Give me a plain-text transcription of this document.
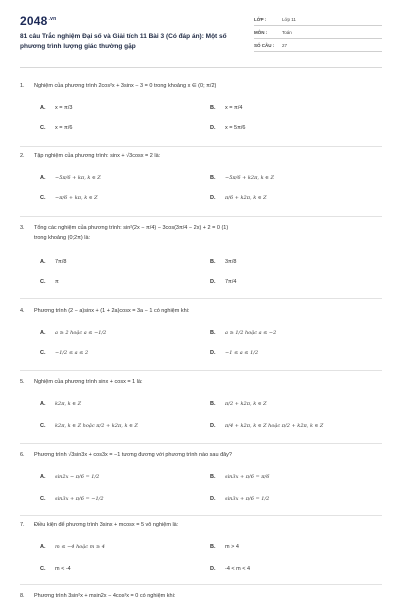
$2048^{.vn}$
81 câu Trắc nghiệm Đại số và Giải tích 11 Bài 3 (Có đáp án): Một số phương trình lượng giác thường gặp
LỚP :	Lớp 11
MÔN :	Toán
SỐ CÂU : 27
1. Nghiệm của phương trình 2cos²x + 3sinx − 3 = 0 trong khoảng x ∈ (0; π/2)
A. x = π/3	B. x = π/4
C. x = π/6	D. x = 5π/6
2. Tập nghiệm của phương trình: sinx + √3cosx = 2 là:
A. −5π/6 + kπ, k ∈ Z	B. −5π/6 + k2π, k ∈ Z
C. −π/6 + kπ, k ∈ Z	D. π/6 + k2π, k ∈ Z
3. Tổng các nghiệm của phương trình: sin²(2x − π/4) − 3cos(3π/4 − 2x) + 2 = 0 (1)
trong khoảng (0;2π) là:
A. 7π/8	B. 3π/8
C. π	D. 7π/4
4. Phương trình (2 − a)sinx + (1 + 2a)cosx = 3a − 1 có nghiệm khi:
A. a ≥ 2 hoặc a ≤ −1/2	B. a ≥ 1/2 hoặc a ≤ −2
C. −1/2 ≤ a ≤ 2	D. −1 ≤ a ≤ 1/2
5. Nghiệm của phương trình sinx + cosx = 1 là:
A. k2π, k ∈ Z	B. π/2 + k2π, k ∈ Z
C. k2π, k ∈ Z hoặc π/2 + k2π, k ∈ Z	D. π/4 + k2π, k ∈ Z hoặc π/2 + k2π, k ∈ Z
6. Phương trình √3sin3x + cos3x = −1 tương đương với phương trình nào sau đây?
A. sin2x − π/6 = 1/2	B. sin3x + π/6 = π/6
C. sin3x + π/6 = −1/2	D. sin3x + π/6 = 1/2
7. Điều kiện để phương trình 3sinx + mcosx = 5 vô nghiệm là:
A. m ≤ −4 hoặc m ≥ 4	B. m > 4
C. m < -4	D. -4 < m < 4
8. Phương trình 3sin²x + msin2x − 4cos²x = 0 có nghiệm khi:
